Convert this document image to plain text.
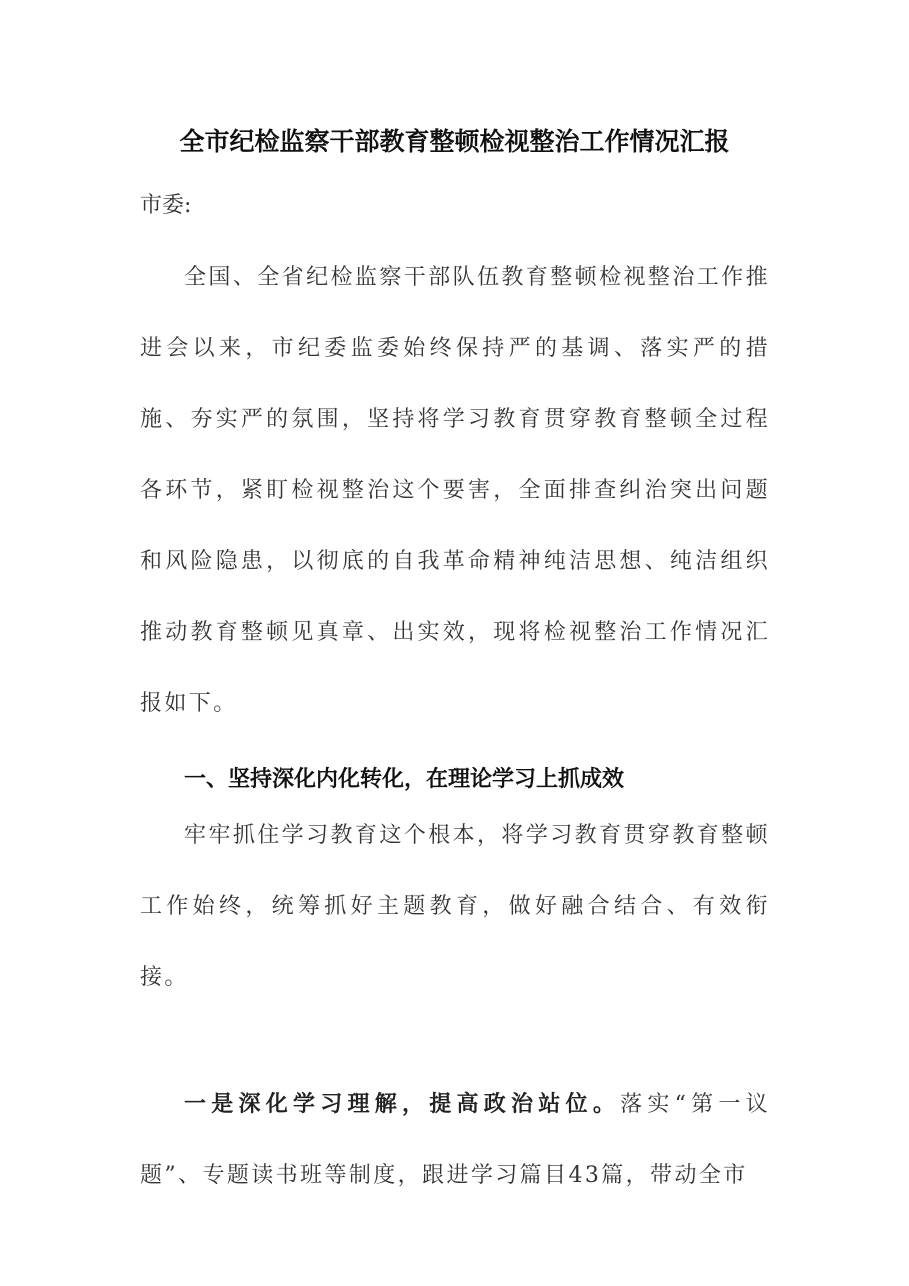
全市纪检监察干部教育整顿检视整治工作情况汇报

市委:

全国、全省纪检监察干部队伍教育整顿检视整治工作推进会以来，市纪委监委始终保持严的基调、落实严的措施、夯实严的氛围，坚持将学习教育贯穿教育整顿全过程各环节，紧盯检视整治这个要害，全面排查纠治突出问题和风险隐患，以彻底的自我革命精神纯洁思想、纯洁组织推动教育整顿见真章、出实效，现将检视整治工作情况汇报如下。

一、坚持深化内化转化，在理论学习上抓成效

牢牢抓住学习教育这个根本，将学习教育贯穿教育整顿工作始终，统筹抓好主题教育，做好融合结合、有效衔接。

一是深化学习理解，提高政治站位。落实“第一议题”、专题读书班等制度，跟进学习篇目43篇，带动全市
